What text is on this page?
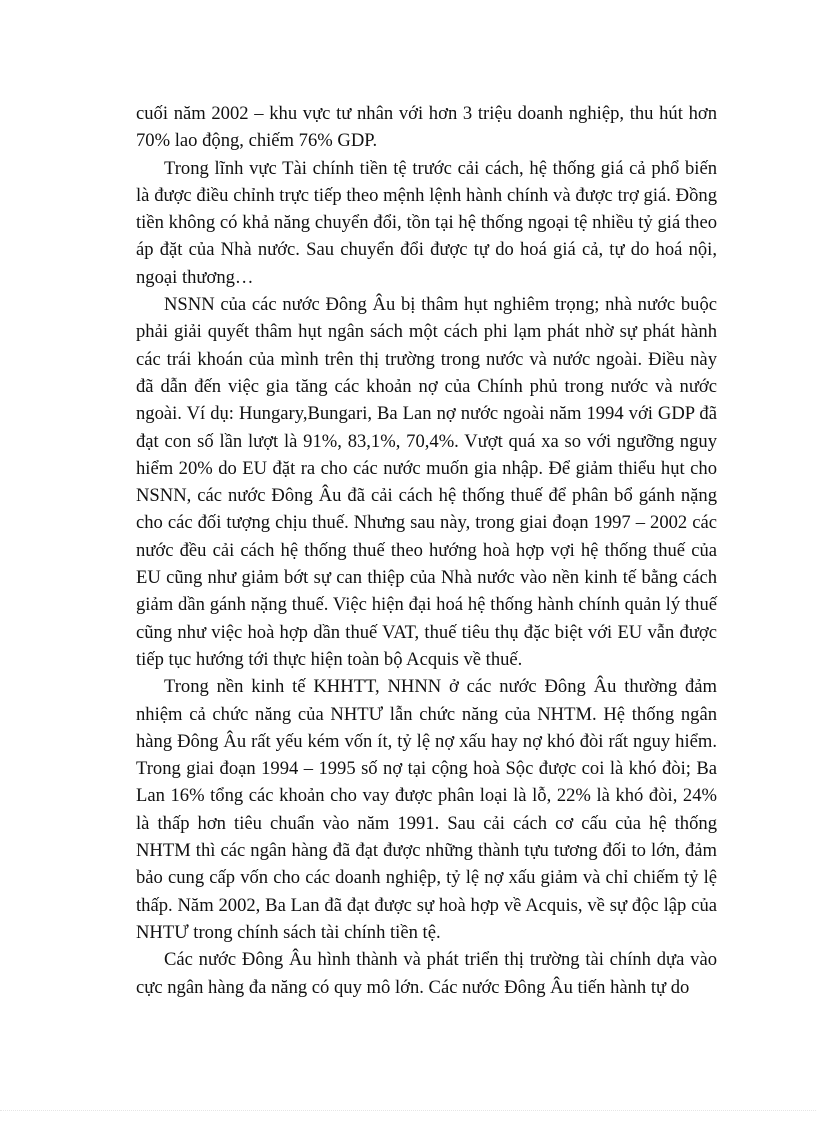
cuối năm 2002 – khu vực tư nhân với hơn 3 triệu doanh nghiệp, thu hút hơn 70% lao động, chiếm 76% GDP.

Trong lĩnh vực Tài chính tiền tệ trước cải cách, hệ thống giá cả phổ biến là được điều chỉnh trực tiếp theo mệnh lệnh hành chính và được trợ giá. Đồng tiền không có khả năng chuyển đổi, tồn tại hệ thống ngoại tệ nhiều tỷ giá theo áp đặt của Nhà nước. Sau chuyển đổi được tự do hoá giá cả, tự do hoá nội, ngoại thương…

NSNN của các nước Đông Âu bị thâm hụt nghiêm trọng; nhà nước buộc phải giải quyết thâm hụt ngân sách một cách phi lạm phát nhờ sự phát hành các trái khoán của mình trên thị trường trong nước và nước ngoài. Điều này đã dẫn đến việc gia tăng các khoản nợ của Chính phủ trong nước và nước ngoài. Ví dụ: Hungary,Bungari, Ba Lan nợ nước ngoài năm 1994 với GDP đã đạt con số lần lượt là 91%, 83,1%, 70,4%. Vượt quá xa so với ngưỡng nguy hiểm 20% do EU đặt ra cho các nước muốn gia nhập. Để giảm thiểu hụt cho NSNN, các nước Đông Âu đã cải cách hệ thống thuế để phân bổ gánh nặng cho các đối tượng chịu thuế. Nhưng sau này, trong giai đoạn 1997 – 2002 các nước đều cải cách hệ thống thuế theo hướng hoà hợp vợi hệ thống thuế của EU cũng như giảm bớt sự can thiệp của Nhà nước vào nền kinh tế bằng cách giảm dần gánh nặng thuế. Việc hiện đại hoá hệ thống hành chính quản lý thuế cũng như việc hoà hợp dần thuế VAT, thuế tiêu thụ đặc biệt với EU vẫn được tiếp tục hướng tới thực hiện toàn bộ Acquis về thuế.

Trong nền kinh tế KHHTT, NHNN ở các nước Đông Âu thường đảm nhiệm cả chức năng của NHTƯ lẫn chức năng của NHTM. Hệ thống ngân hàng Đông Âu rất yếu kém vốn ít, tỷ lệ nợ xấu hay nợ khó đòi rất nguy hiểm. Trong giai đoạn 1994 – 1995 số nợ tại cộng hoà Sộc được coi là khó đòi; Ba Lan 16% tổng các khoản cho vay được phân loại là lỗ, 22% là khó đòi, 24% là thấp hơn tiêu chuẩn vào năm 1991. Sau cải cách cơ cấu của hệ thống NHTM thì các ngân hàng đã đạt được những thành tựu tương đối to lớn, đảm bảo cung cấp vốn cho các doanh nghiệp, tỷ lệ nợ xấu giảm và chỉ chiếm tỷ lệ thấp. Năm 2002, Ba Lan đã đạt được sự hoà hợp về Acquis, về sự độc lập của NHTƯ trong chính sách tài chính tiền tệ.

Các nước Đông Âu hình thành và phát triển thị trường tài chính dựa vào cực ngân hàng đa năng có quy mô lớn. Các nước Đông Âu tiến hành tự do
